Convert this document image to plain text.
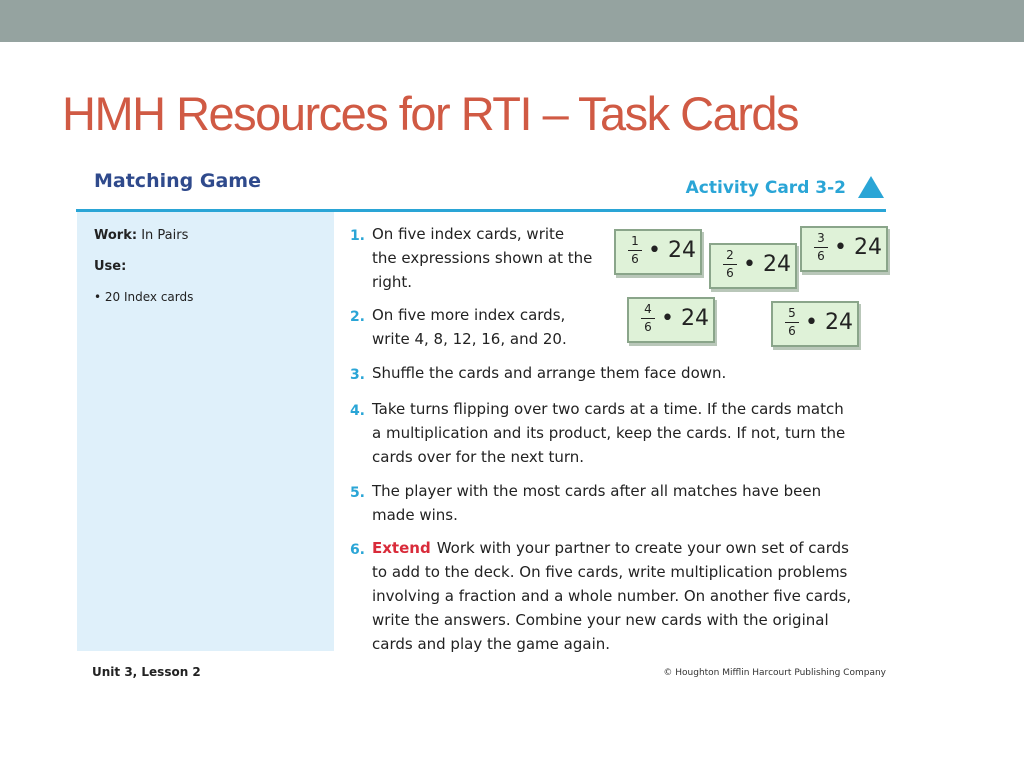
HMH Resources for RTI – Task Cards
Matching Game	Activity Card 3-2
Work: In Pairs
Use:
• 20 Index cards
1. On five index cards, write
the expressions shown at the
right.
2. On five more index cards,
write 4, 8, 12, 16, and 20.
3. Shuffle the cards and arrange them face down.
4. Take turns flipping over two cards at a time. If the cards match
a multiplication and its product, keep the cards. If not, turn the
cards over for the next turn.
5. The player with the most cards after all matches have been
made wins.
6. Extend Work with your partner to create your own set of cards
to add to the deck. On five cards, write multiplication problems
involving a fraction and a whole number. On another five cards,
write the answers. Combine your new cards with the original
cards and play the game again.
1
6 • 24	2
6 • 24
3
6 • 24
4
6 • 24	5
6 • 24
Unit 3, Lesson 2	© Houghton Mifflin Harcourt Publishing Company
